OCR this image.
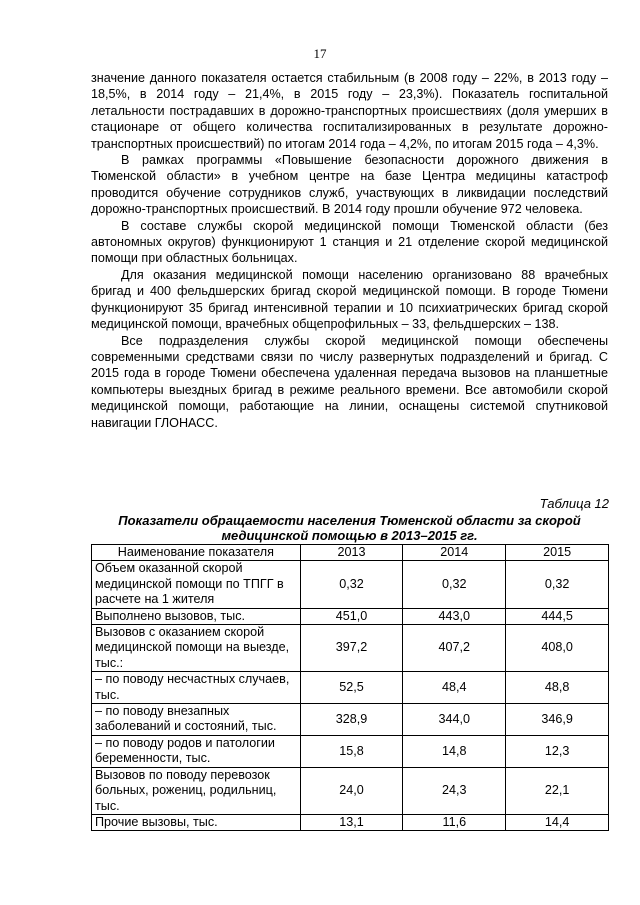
17

значение данного показателя остается стабильным (в 2008 году – 22%, в 2013 году – 18,5%, в 2014 году – 21,4%, в 2015 году – 23,3%). Показатель госпитальной летальности пострадавших в дорожно-транспортных происшествиях (доля умерших в стационаре от общего количества госпитализированных в результате дорожно-транспортных происшествий) по итогам 2014 года – 4,2%, по итогам 2015 года – 4,3%.

В рамках программы «Повышение безопасности дорожного движения в Тюменской области» в учебном центре на базе Центра медицины катастроф проводится обучение сотрудников служб, участвующих в ликвидации последствий дорожно-транспортных происшествий. В 2014 году прошли обучение 972 человека.

В составе службы скорой медицинской помощи Тюменской области (без автономных округов) функционируют 1 станция и 21 отделение скорой медицинской помощи при областных больницах.

Для оказания медицинской помощи населению организовано 88 врачебных бригад и 400 фельдшерских бригад скорой медицинской помощи. В городе Тюмени функционируют 35 бригад интенсивной терапии и 10 психиатрических бригад скорой медицинской помощи, врачебных общепрофильных – 33, фельдшерских – 138.

Все подразделения службы скорой медицинской помощи обеспечены современными средствами связи по числу развернутых подразделений и бригад. С 2015 года в городе Тюмени обеспечена удаленная передача вызовов на планшетные компьютеры выездных бригад в режиме реального времени. Все автомобили скорой медицинской помощи, работающие на линии, оснащены системой спутниковой навигации ГЛОНАСС.

Таблица 12
Показатели обращаемости населения Тюменской области за скорой медицинской помощью в 2013–2015 гг.
Наименование показателя	2013	2014	2015
Объем оказанной скорой медицинской помощи по ТПГГ в расчете на 1 жителя	0,32	0,32	0,32
Выполнено вызовов, тыс.	451,0	443,0	444,5
Вызовов с оказанием скорой медицинской помощи на выезде, тыс.:	397,2	407,2	408,0
– по поводу несчастных случаев, тыс.	52,5	48,4	48,8
– по поводу внезапных заболеваний и состояний, тыс.	328,9	344,0	346,9
– по поводу родов и патологии беременности, тыс.	15,8	14,8	12,3
Вызовов по поводу перевозок больных, рожениц, родильниц, тыс.	24,0	24,3	22,1
Прочие вызовы, тыс.	13,1	11,6	14,4
